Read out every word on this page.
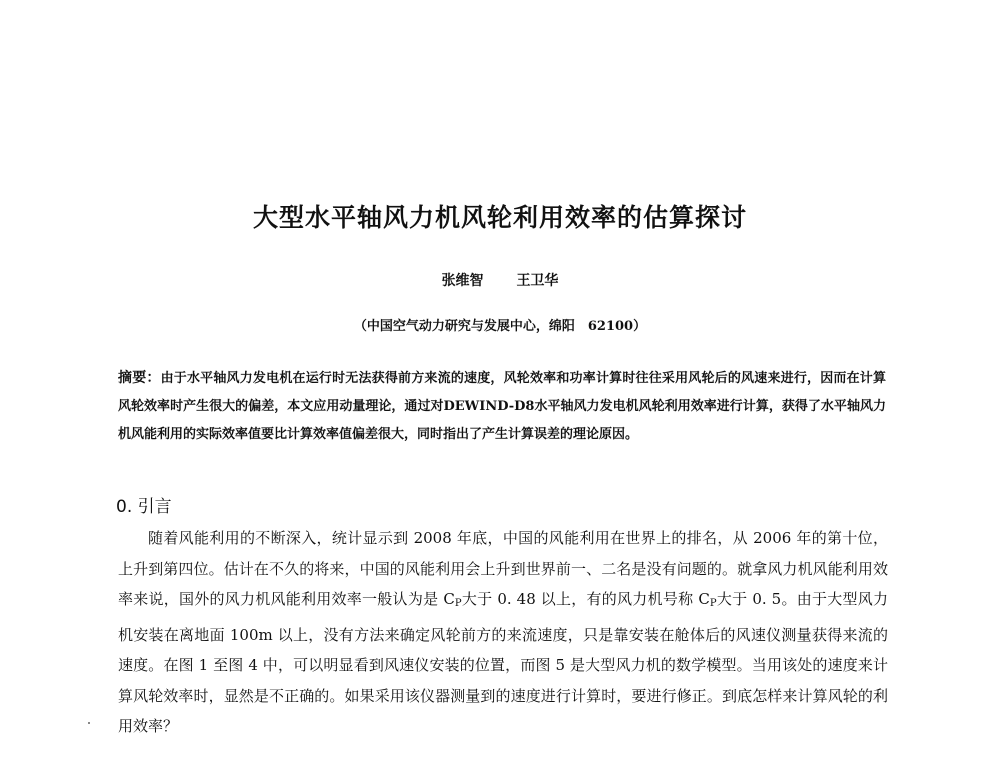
大型水平轴风力机风轮利用效率的估算探讨
张维智 王卫华
（中国空气动力研究与发展中心，绵阳　62100）
摘要：由于水平轴风力发电机在运行时无法获得前方来流的速度，风轮效率和功率计算时往往采用风轮后的风速来进行，因而在计算风轮效率时产生很大的偏差，本文应用动量理论，通过对DEWIND-D8水平轴风力发电机风轮利用效率进行计算，获得了水平轴风力机风能利用的实际效率值要比计算效率值偏差很大，同时指出了产生计算误差的理论原因。
0. 引言
随着风能利用的不断深入，统计显示到 2008 年底，中国的风能利用在世界上的排名，从 2006 年的第十位，上升到第四位。估计在不久的将来，中国的风能利用会上升到世界前一、二名是没有问题的。就拿风力机风能利用效率来说，国外的风力机风能利用效率一般认为是 $C_P$大于 0. 48 以上，有的风力机号称 $C_P$大于 0. 5。由于大型风力机安装在离地面 100m 以上，没有方法来确定风轮前方的来流速度，只是靠安装在舱体后的风速仪测量获得来流的速度。在图 1 至图 4 中，可以明显看到风速仪安装的位置，而图 5 是大型风力机的数学模型。当用该处的速度来计算风轮效率时，显然是不正确的。如果采用该仪器测量到的速度进行计算时，要进行修正。到底怎样来计算风轮的利用效率？
